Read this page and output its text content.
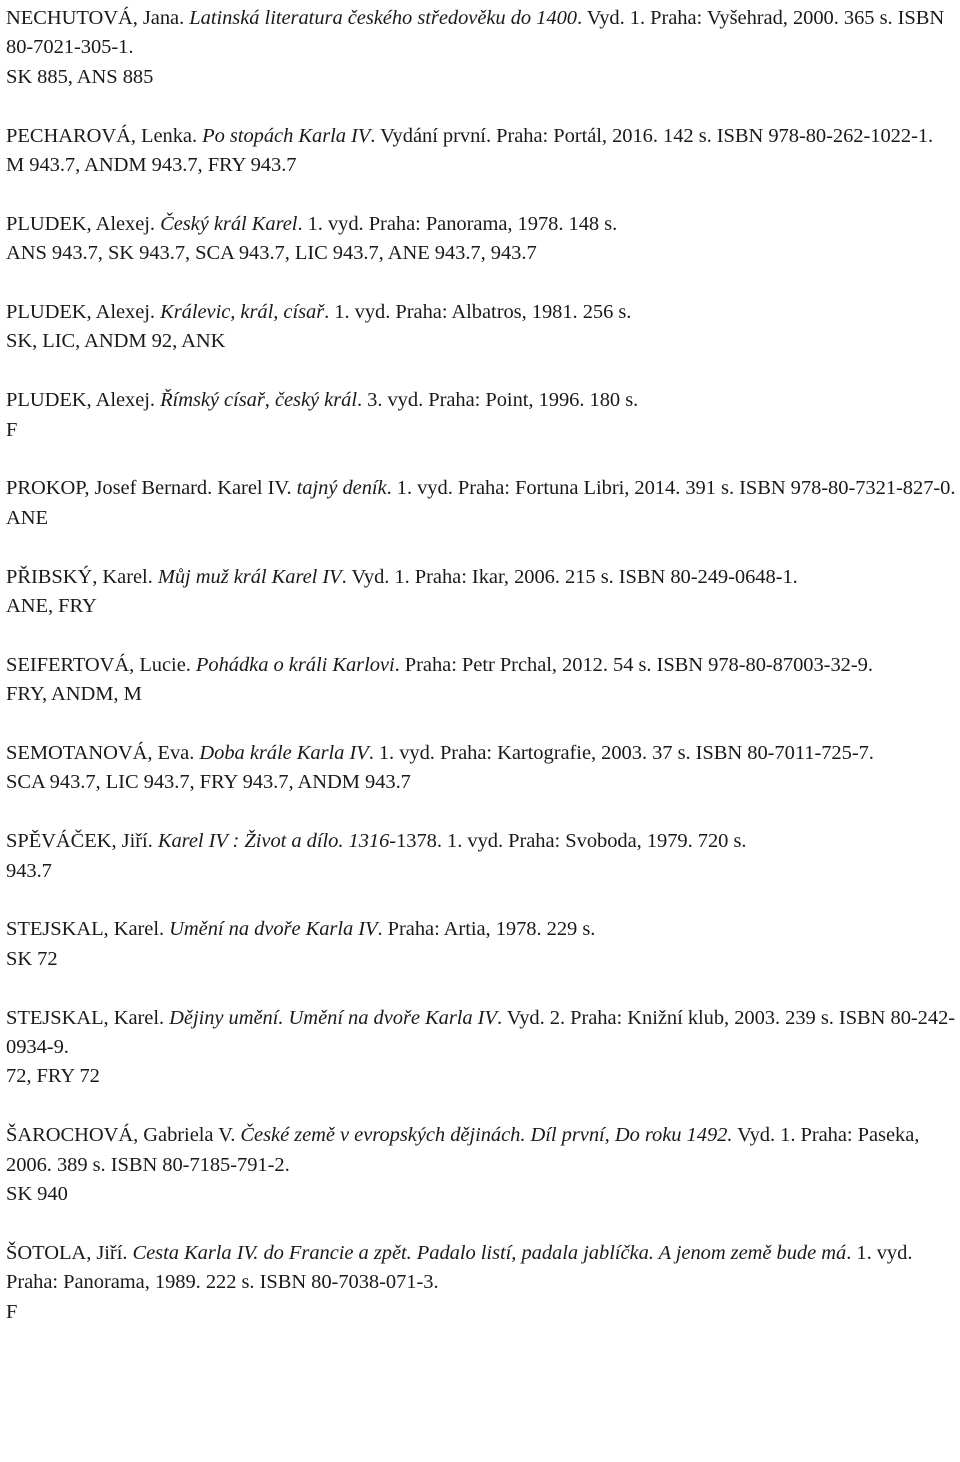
NECHUTOVÁ, Jana. Latinská literatura českého středověku do 1400. Vyd. 1. Praha: Vyšehrad, 2000. 365 s. ISBN 80-7021-305-1.

SK 885, ANS 885

PECHAROVÁ, Lenka. Po stopách Karla IV. Vydání první. Praha: Portál, 2016. 142 s. ISBN 978-80-262-1022-1.

M 943.7, ANDM 943.7, FRY 943.7

PLUDEK, Alexej. Český král Karel. 1. vyd. Praha: Panorama, 1978. 148 s.

ANS 943.7, SK 943.7, SCA 943.7, LIC 943.7, ANE 943.7, 943.7

PLUDEK, Alexej. Králevic, král, císař. 1. vyd. Praha: Albatros, 1981. 256 s.

SK, LIC, ANDM 92, ANK

PLUDEK, Alexej. Římský císař, český král. 3. vyd. Praha: Point, 1996. 180 s.

F

PROKOP, Josef Bernard. Karel IV. tajný deník. 1. vyd. Praha: Fortuna Libri, 2014. 391 s. ISBN 978-80-7321-827-0.

ANE

PŘIBSKÝ, Karel. Můj muž král Karel IV. Vyd. 1. Praha: Ikar, 2006. 215 s. ISBN 80-249-0648-1.

ANE, FRY

SEIFERTOVÁ, Lucie. Pohádka o králi Karlovi. Praha: Petr Prchal, 2012. 54 s. ISBN 978-80-87003-32-9.

FRY, ANDM, M

SEMOTANOVÁ, Eva. Doba krále Karla IV. 1. vyd. Praha: Kartografie, 2003. 37 s. ISBN 80-7011-725-7.

SCA 943.7, LIC 943.7, FRY 943.7, ANDM 943.7

SPĚVÁČEK, Jiří. Karel IV : Život a dílo. 1316-1378. 1. vyd. Praha: Svoboda, 1979. 720 s.

943.7

STEJSKAL, Karel. Umění na dvoře Karla IV. Praha: Artia, 1978. 229 s.

SK 72

STEJSKAL, Karel. Dějiny umění. Umění na dvoře Karla IV. Vyd. 2. Praha: Knižní klub, 2003. 239 s. ISBN 80-242-0934-9.

72, FRY 72

ŠAROCHOVÁ, Gabriela V. České země v evropských dějinách. Díl první, Do roku 1492. Vyd. 1. Praha: Paseka, 2006. 389 s. ISBN 80-7185-791-2.

SK 940

ŠOTOLA, Jiří. Cesta Karla IV. do Francie a zpět. Padalo listí, padala jablíčka. A jenom země bude má. 1. vyd. Praha: Panorama, 1989. 222 s. ISBN 80-7038-071-3.

F
